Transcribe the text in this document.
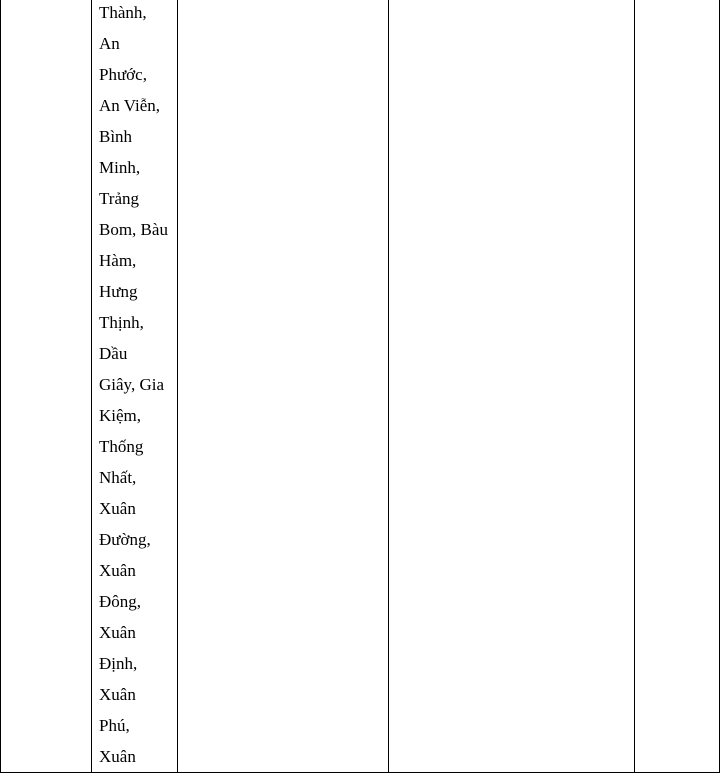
Thành,
An
Phước,
An Viễn,
Bình
Minh,
Trảng
Bom, Bàu
Hàm,
Hưng
Thịnh,
Dầu
Giây, Gia
Kiệm,
Thống
Nhất,
Xuân
Đường,
Xuân
Đông,
Xuân
Định,
Xuân
Phú,
Xuân
